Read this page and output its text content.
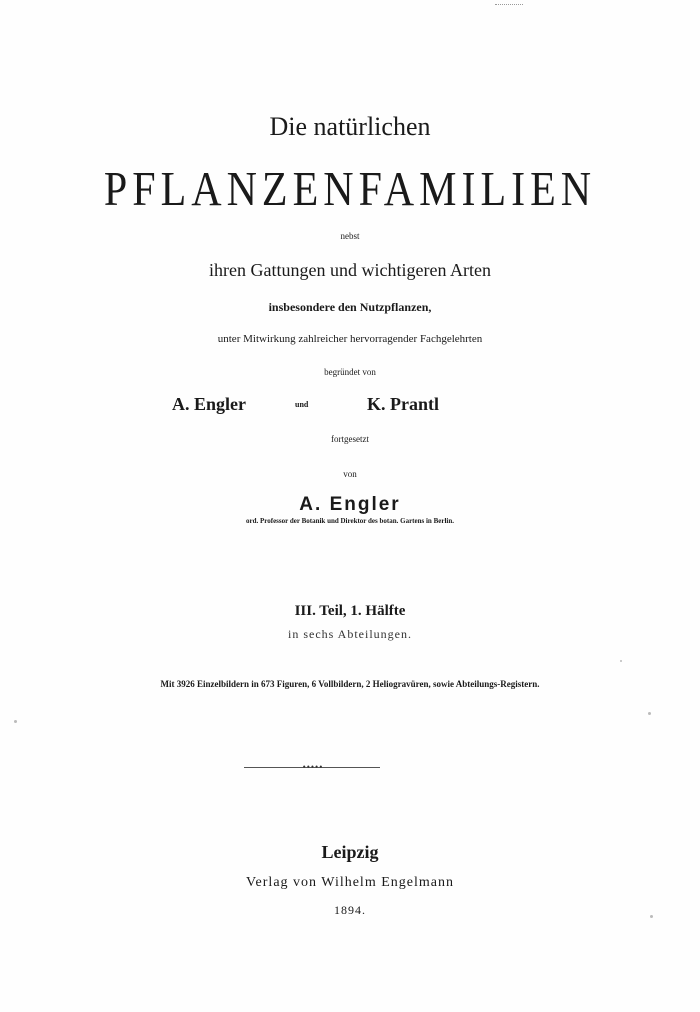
Die natürlichen
PFLANZENFAMILIEN
nebst
ihren Gattungen und wichtigeren Arten
insbesondere den Nutzpflanzen,
unter Mitwirkung zahlreicher hervorragender Fachgelehrten
begründet von
A. Engler	und	K. Prantl
fortgesetzt
von
A. Engler
ord. Professor der Botanik und Direktor des botan. Gartens in Berlin.
III. Teil, 1. Hälfte
in sechs Abteilungen.
Mit 3926 Einzelbildern in 673 Figuren, 6 Vollbildern, 2 Heliogravüren, sowie Abteilungs-Registern.
•••••
Leipzig
Verlag von Wilhelm Engelmann
1894.
